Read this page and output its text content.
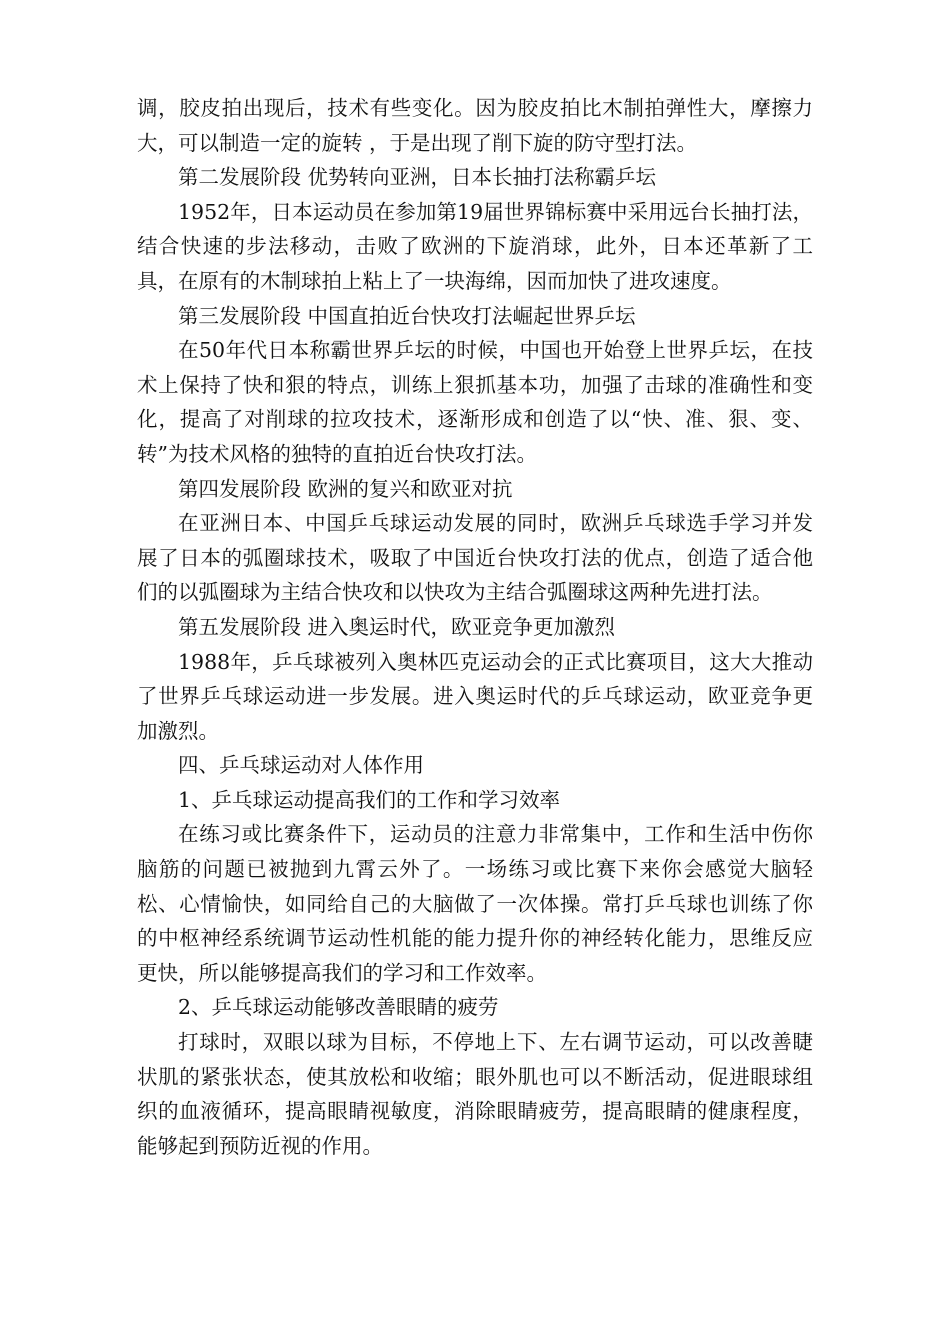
调，胶皮拍出现后，技术有些变化。因为胶皮拍比木制拍弹性大，摩擦力大，可以制造一定的旋转 ，于是出现了削下旋的防守型打法。

第二发展阶段 优势转向亚洲，日本长抽打法称霸乒坛

1952年，日本运动员在参加第19届世界锦标赛中采用远台长抽打法，结合快速的步法移动，击败了欧洲的下旋消球，此外，日本还革新了工具，在原有的木制球拍上粘上了一块海绵，因而加快了进攻速度。

第三发展阶段 中国直拍近台快攻打法崛起世界乒坛

在50年代日本称霸世界乒坛的时候，中国也开始登上世界乒坛，在技术上保持了快和狠的特点，训练上狠抓基本功，加强了击球的准确性和变化，提高了对削球的拉攻技术，逐渐形成和创造了以“快、准、狠、变、转”为技术风格的独特的直拍近台快攻打法。

第四发展阶段 欧洲的复兴和欧亚对抗

在亚洲日本、中国乒乓球运动发展的同时，欧洲乒乓球选手学习并发展了日本的弧圈球技术，吸取了中国近台快攻打法的优点，创造了适合他们的以弧圈球为主结合快攻和以快攻为主结合弧圈球这两种先进打法。

第五发展阶段 进入奥运时代，欧亚竞争更加激烈

1988年，乒乓球被列入奥林匹克运动会的正式比赛项目，这大大推动了世界乒乓球运动进一步发展。进入奥运时代的乒乓球运动，欧亚竞争更加激烈。

四、乒乓球运动对人体作用

1、乒乓球运动提高我们的工作和学习效率

在练习或比赛条件下，运动员的注意力非常集中，工作和生活中伤你脑筋的问题已被抛到九霄云外了。一场练习或比赛下来你会感觉大脑轻松、心情愉快，如同给自己的大脑做了一次体操。常打乒乓球也训练了你的中枢神经系统调节运动性机能的能力提升你的神经转化能力，思维反应更快，所以能够提高我们的学习和工作效率。

2、乒乓球运动能够改善眼睛的疲劳

打球时，双眼以球为目标，不停地上下、左右调节运动，可以改善睫状肌的紧张状态，使其放松和收缩；眼外肌也可以不断活动，促进眼球组织的血液循环，提高眼睛视敏度，消除眼睛疲劳，提高眼睛的健康程度，能够起到预防近视的作用。
